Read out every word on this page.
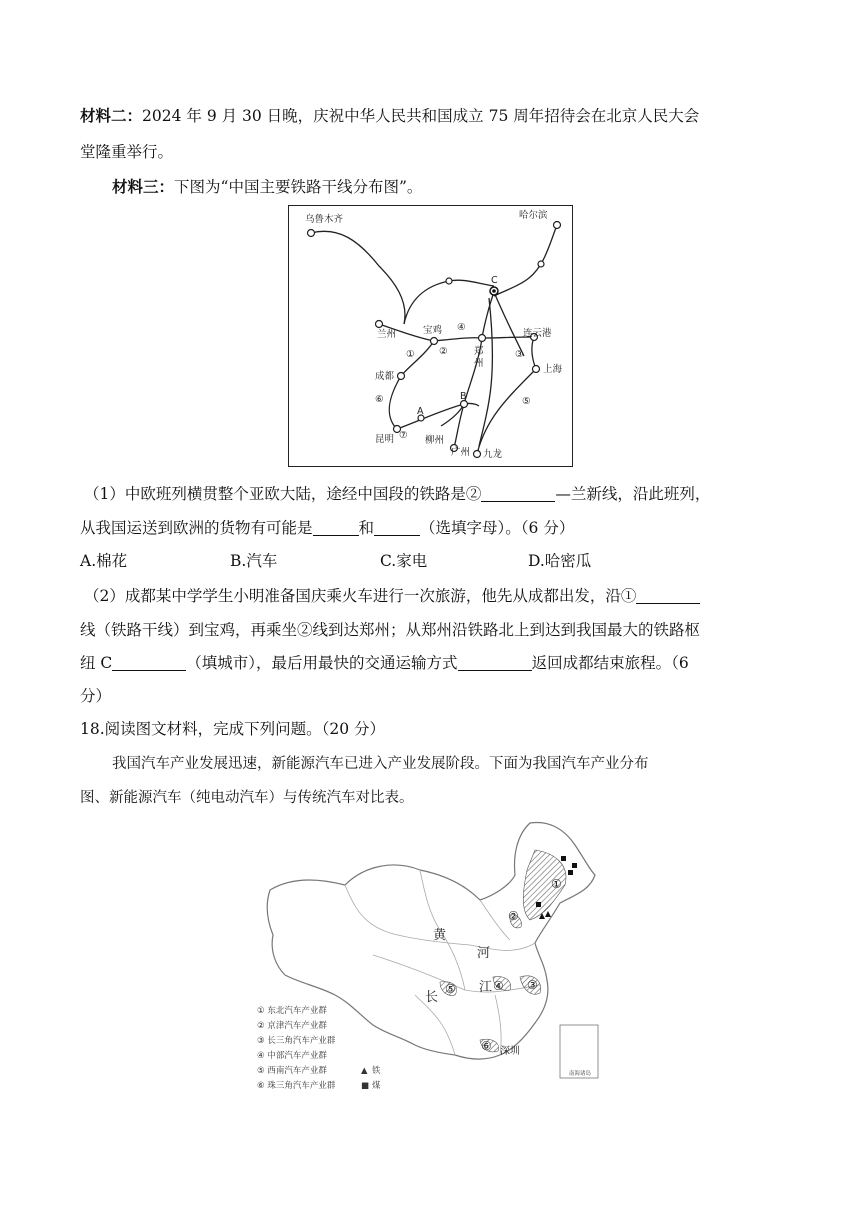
材料二：2024 年 9 月 30 日晚，庆祝中华人民共和国成立 75 周年招待会在北京人民大会
堂隆重举行。
材料三：下图为“中国主要铁路干线分布图”。
乌鲁木齐	哈尔滨
兰州	宝鸡
郑
州
连云港
上海
成都
昆明	柳州
广州 九龙
A
B
C
①	②	③
④
⑤
⑥
⑦
（1）中欧班列横贯整个亚欧大陆，途经中国段的铁路是②	—兰新线，沿此班列，
从我国运送到欧洲的货物有可能是	和	（选填字母）。（6 分）
A.棉花	B.汽车	C.家电	D.哈密瓜
（2）成都某中学学生小明准备国庆乘火车进行一次旅游，他先从成都出发，沿①
线（铁路干线）到宝鸡，再乘坐②线到达郑州；从郑州沿铁路北上到达到我国最大的铁路枢
纽 C	（填城市），最后用最快的交通运输方式	返回成都结束旅程。（6
分）
18.阅读图文材料，完成下列问题。（20 分）
我国汽车产业发展迅速，新能源汽车已进入产业发展阶段。下面为我国汽车产业分布
图、新能源汽车（纯电动汽车）与传统汽车对比表。
①
②
③
④
⑤
⑥
黄
河
长
江
深圳
南海诸岛
① 东北汽车产业群
② 京津汽车产业群
③ 长三角汽车产业群
④ 中部汽车产业群
⑤ 西南汽车产业群
⑥ 珠三角汽车产业群
▲ 铁
■ 煤
